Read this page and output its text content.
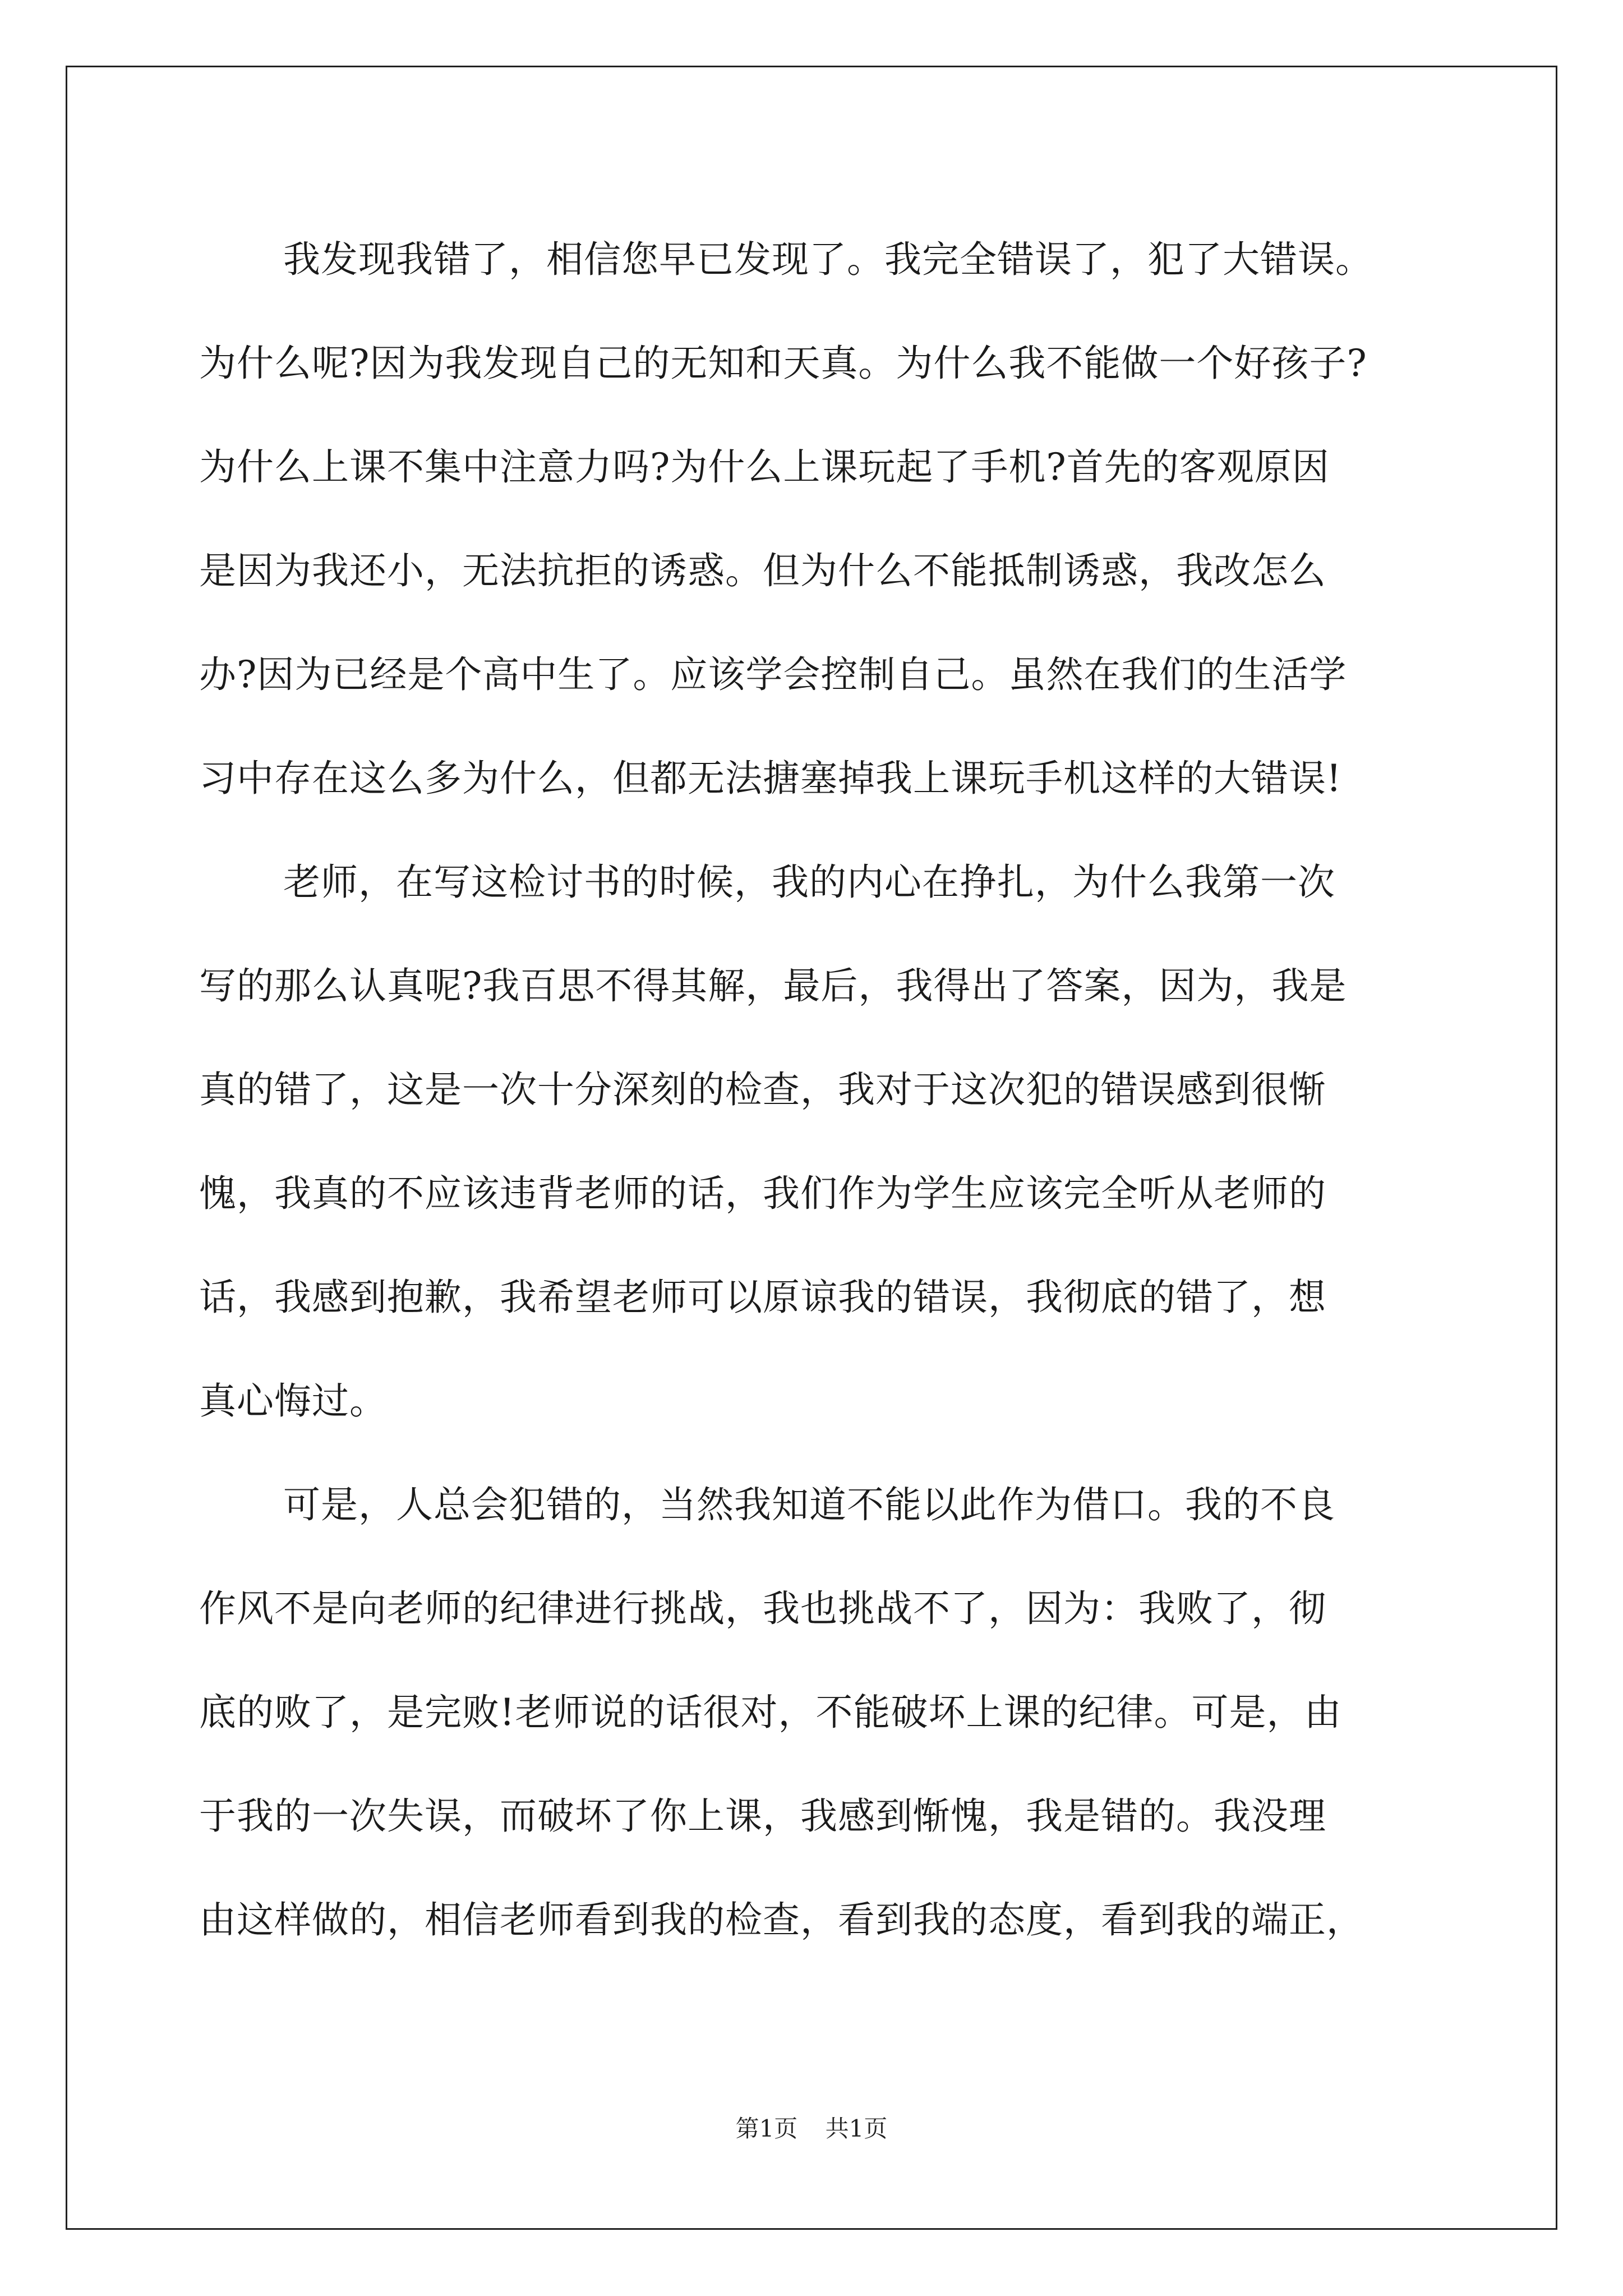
我发现我错了，相信您早已发现了。我完全错误了，犯了大错误。
为什么呢?因为我发现自己的无知和天真。为什么我不能做一个好孩子?
为什么上课不集中注意力吗?为什么上课玩起了手机?首先的客观原因
是因为我还小，无法抗拒的诱惑。但为什么不能抵制诱惑，我改怎么
办?因为已经是个高中生了。应该学会控制自己。虽然在我们的生活学
习中存在这么多为什么，但都无法搪塞掉我上课玩手机这样的大错误!
老师，在写这检讨书的时候，我的内心在挣扎，为什么我第一次
写的那么认真呢?我百思不得其解，最后，我得出了答案，因为，我是
真的错了，这是一次十分深刻的检查，我对于这次犯的错误感到很惭
愧，我真的不应该违背老师的话，我们作为学生应该完全听从老师的
话，我感到抱歉，我希望老师可以原谅我的错误，我彻底的错了，想
真心悔过。
可是，人总会犯错的，当然我知道不能以此作为借口。我的不良
作风不是向老师的纪律进行挑战，我也挑战不了，因为：我败了，彻
底的败了，是完败!老师说的话很对，不能破坏上课的纪律。可是，由
于我的一次失误，而破坏了你上课，我感到惭愧，我是错的。我没理
由这样做的，相信老师看到我的检查，看到我的态度，看到我的端正，
第1页 共1页
